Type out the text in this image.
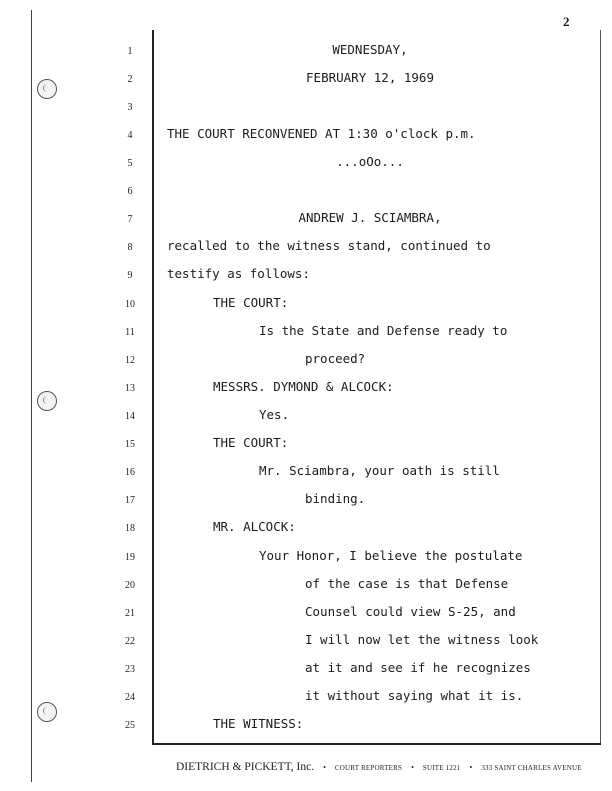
2
1
2
3
4
5
6
7
8
9
10
11
12
13
14
15
16
17
18
19
20
21
22
23
24
25
WEDNESDAY,
FEBRUARY 12, 1969
THE COURT RECONVENED AT 1:30 o'clock p.m.
...oOo...
ANDREW J. SCIAMBRA,
recalled to the witness stand, continued to
testify as follows:
THE COURT:
Is the State and Defense ready to
proceed?
MESSRS. DYMOND & ALCOCK:
Yes.
THE COURT:
Mr. Sciambra, your oath is still
binding.
MR. ALCOCK:
Your Honor, I believe the postulate
of the case is that Defense
Counsel could view S-25, and
I will now let the witness look
at it and see if he recognizes
it without saying what it is.
THE WITNESS:
DIETRICH & PICKETT, Inc. • COURT REPORTERS • SUITE 1221 • 333 SAINT CHARLES AVENUE
